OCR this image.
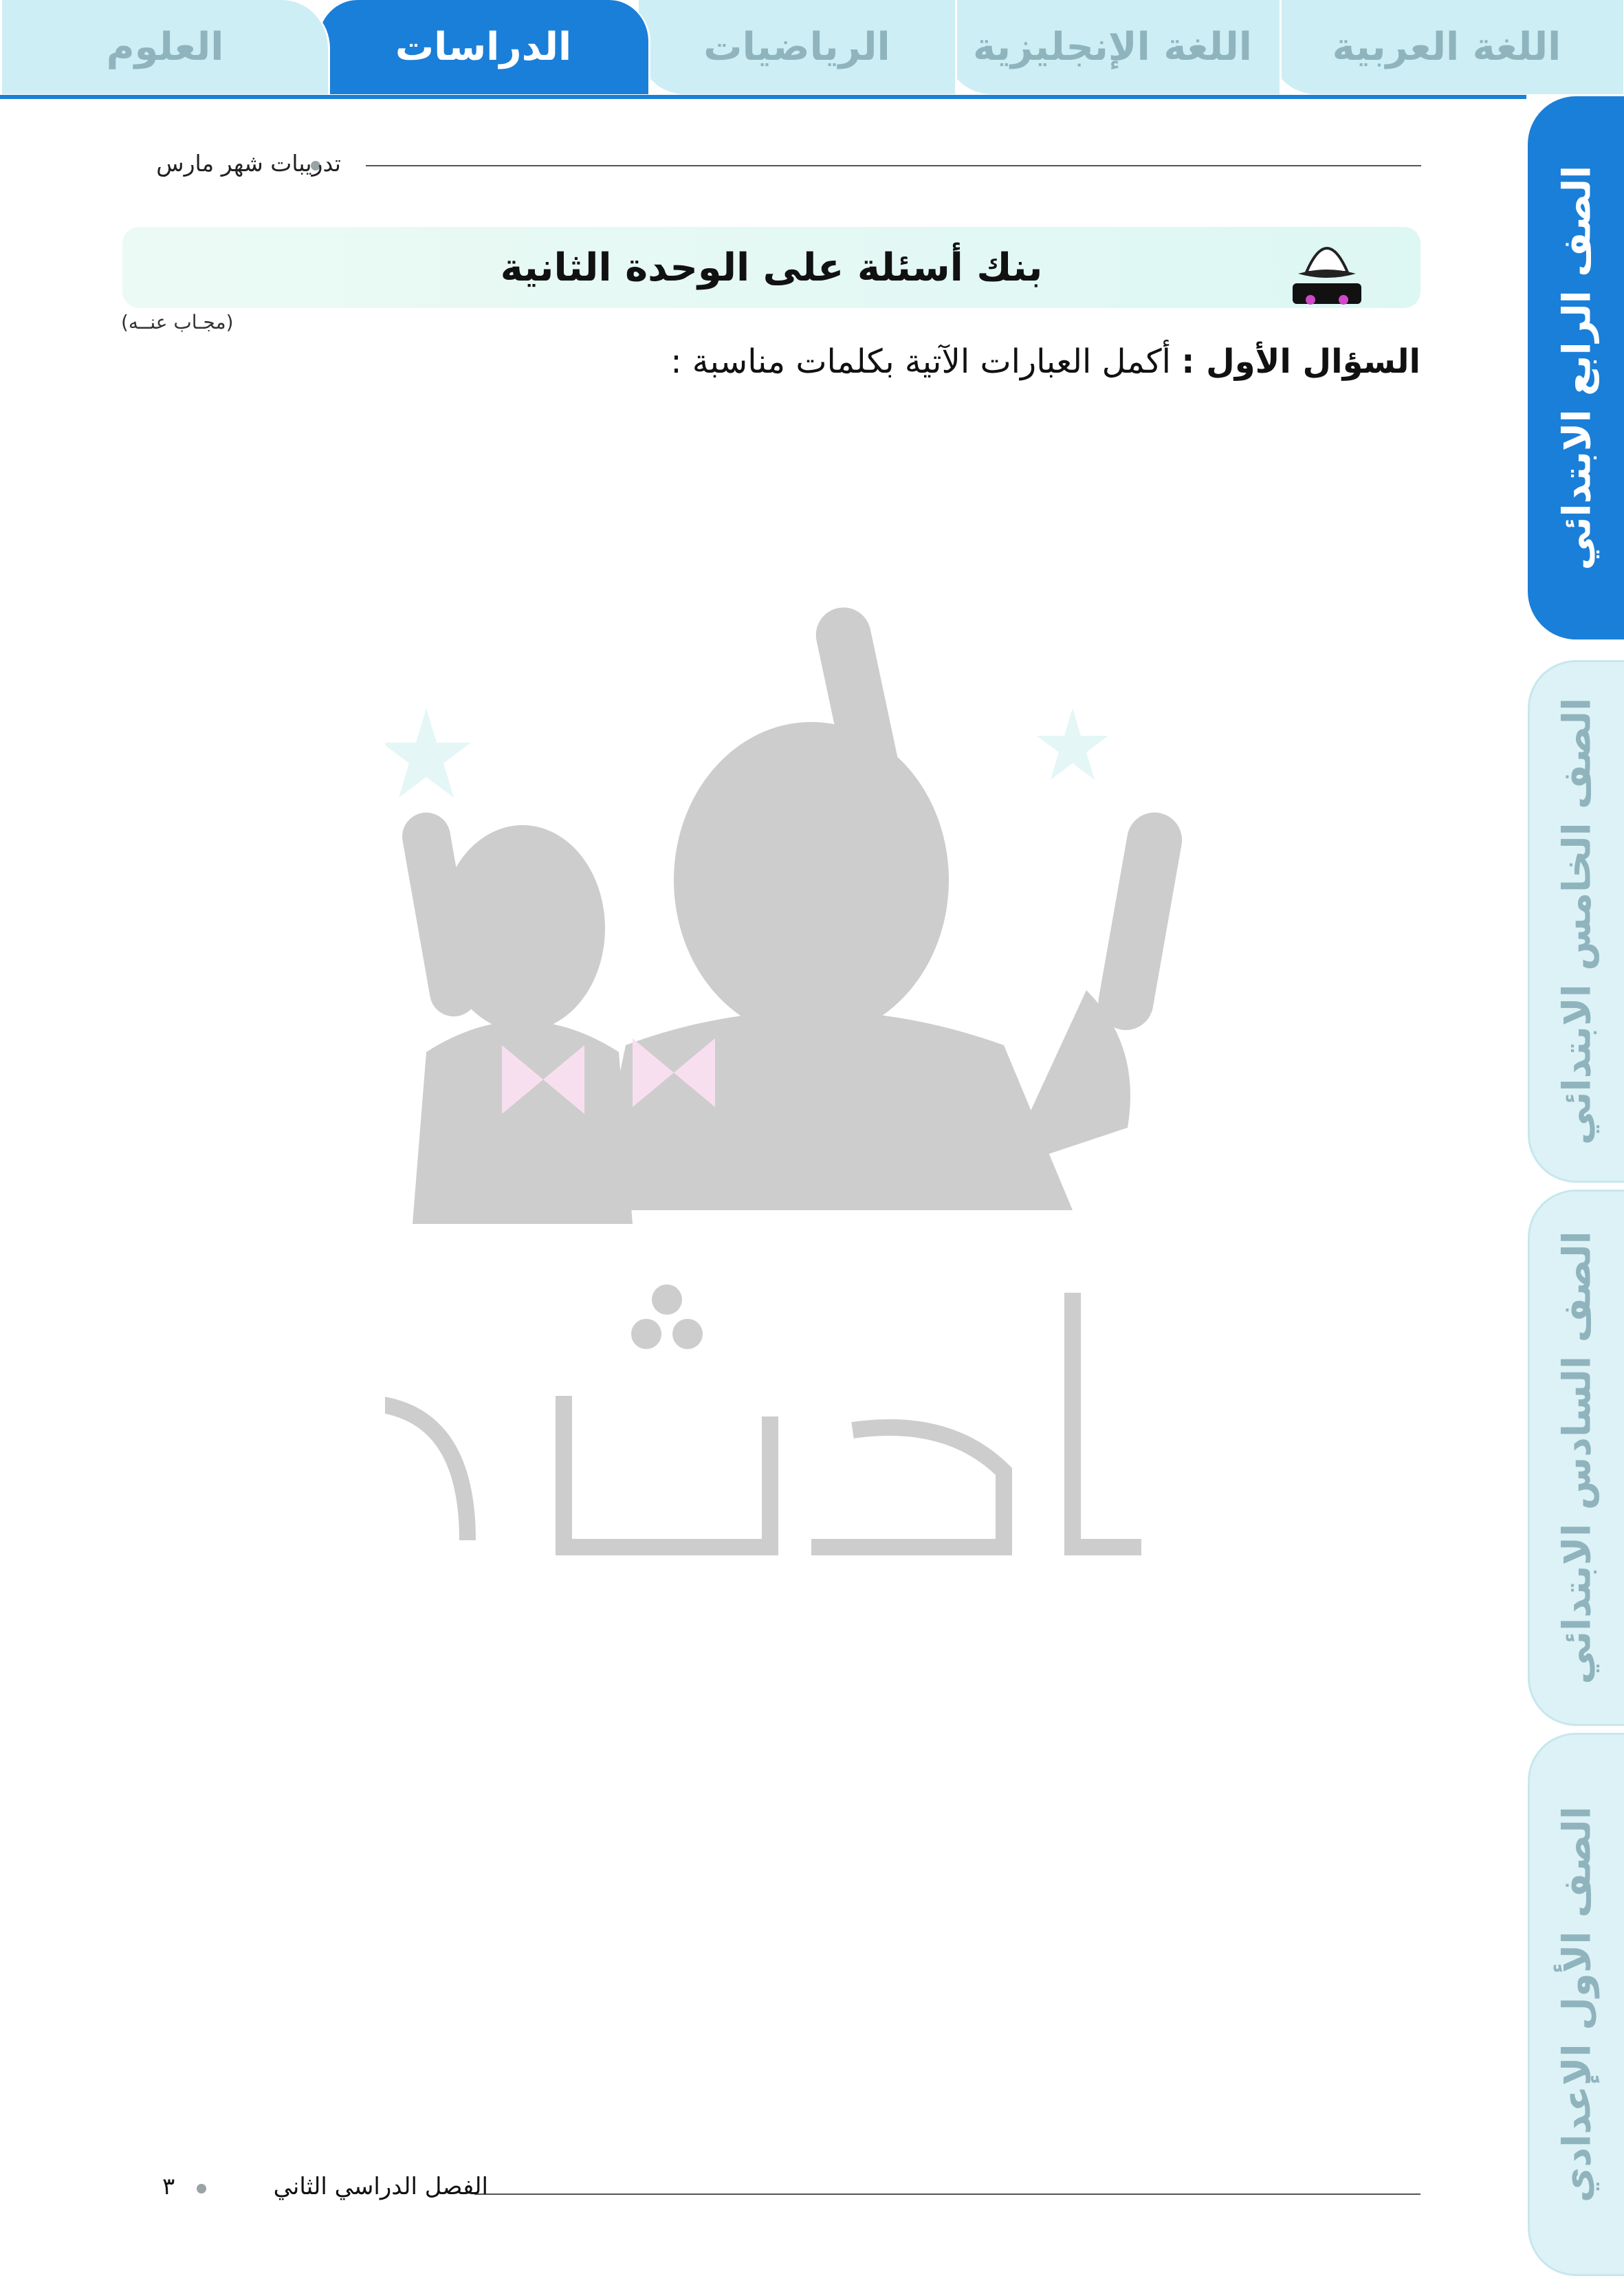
اللغة العربية
اللغة الإنجليزية
الرياضيات
الدراسات
العلوم
الصف الرابع الابتدائي
الصف الخامس الابتدائي
الصف السادس الابتدائي
الصف الأول الإعدادي
تدريبات شهر مارس
بنك أسئلة على الوحدة الثانية
(مجـاب عنــه)
السؤال الأول : أكمل العبارات الآتية بكلمات مناسبة :
الفصل الدراسي الثاني
٣
